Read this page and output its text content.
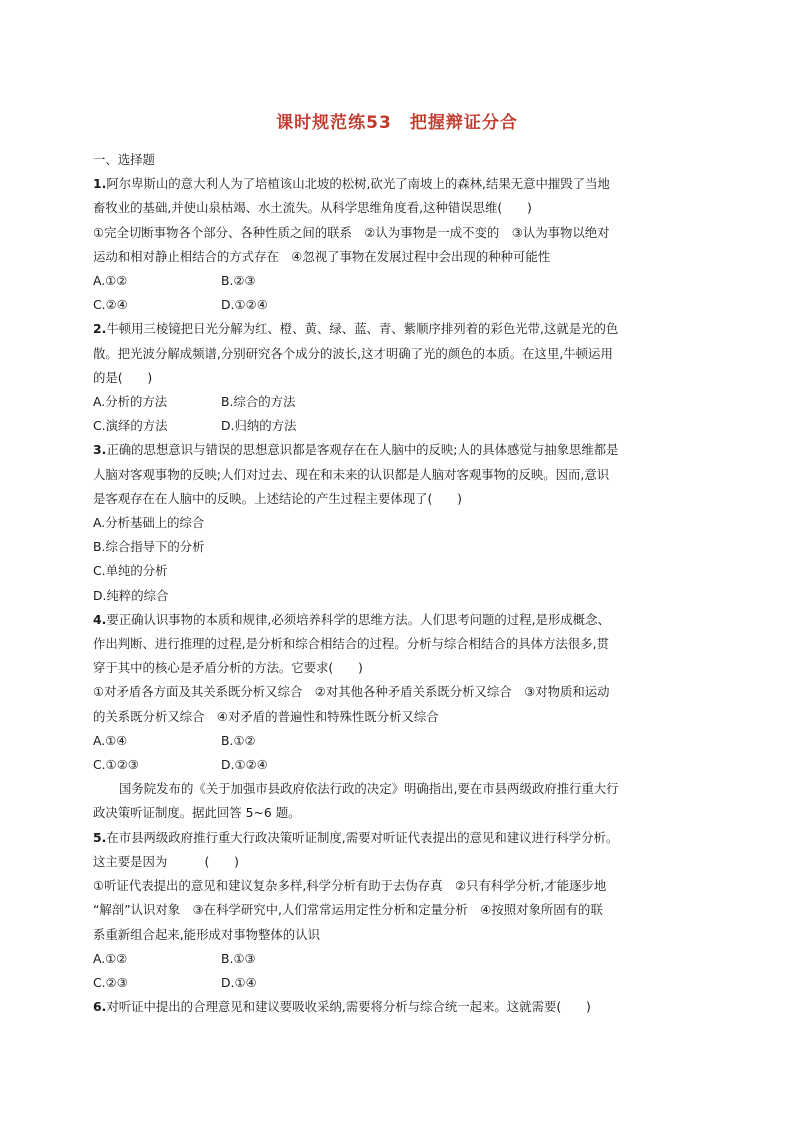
课时规范练53　把握辩证分合
一、选择题
1.阿尔卑斯山的意大利人为了培植该山北坡的松树,砍光了南坡上的森林,结果无意中摧毁了当地
畜牧业的基础,并使山泉枯竭、水土流失。从科学思维角度看,这种错误思维(　　)
①完全切断事物各个部分、各种性质之间的联系　②认为事物是一成不变的　③认为事物以绝对
运动和相对静止相结合的方式存在　④忽视了事物在发展过程中会出现的种种可能性
A.①②	B.②③
C.②④	D.①②④
2.牛顿用三棱镜把日光分解为红、橙、黄、绿、蓝、青、紫顺序排列着的彩色光带,这就是光的色
散。把光波分解成频谱,分别研究各个成分的波长,这才明确了光的颜色的本质。在这里,牛顿运用
的是(　　)
A.分析的方法	B.综合的方法
C.演绎的方法	D.归纳的方法
3.正确的思想意识与错误的思想意识都是客观存在在人脑中的反映;人的具体感觉与抽象思维都是
人脑对客观事物的反映;人们对过去、现在和未来的认识都是人脑对客观事物的反映。因而,意识
是客观存在在人脑中的反映。上述结论的产生过程主要体现了(　　)
A.分析基础上的综合
B.综合指导下的分析
C.单纯的分析
D.纯粹的综合
4.要正确认识事物的本质和规律,必须培养科学的思维方法。人们思考问题的过程,是形成概念、
作出判断、进行推理的过程,是分析和综合相结合的过程。分析与综合相结合的具体方法很多,贯
穿于其中的核心是矛盾分析的方法。它要求(　　)
①对矛盾各方面及其关系既分析又综合　②对其他各种矛盾关系既分析又综合　③对物质和运动
的关系既分析又综合　④对矛盾的普遍性和特殊性既分析又综合
A.①④	B.①②
C.①②③	D.①②④
国务院发布的《关于加强市县政府依法行政的决定》明确指出,要在市县两级政府推行重大行
政决策听证制度。据此回答 5~6 题。
5.在市县两级政府推行重大行政决策听证制度,需要对听证代表提出的意见和建议进行科学分析。
这主要是因为　　　(　　)
①听证代表提出的意见和建议复杂多样,科学分析有助于去伪存真　②只有科学分析,才能逐步地
“解剖”认识对象　③在科学研究中,人们常常运用定性分析和定量分析　④按照对象所固有的联
系重新组合起来,能形成对事物整体的认识
A.①②	B.①③
C.②③	D.①④
6.对听证中提出的合理意见和建议要吸收采纳,需要将分析与综合统一起来。这就需要(　　)
